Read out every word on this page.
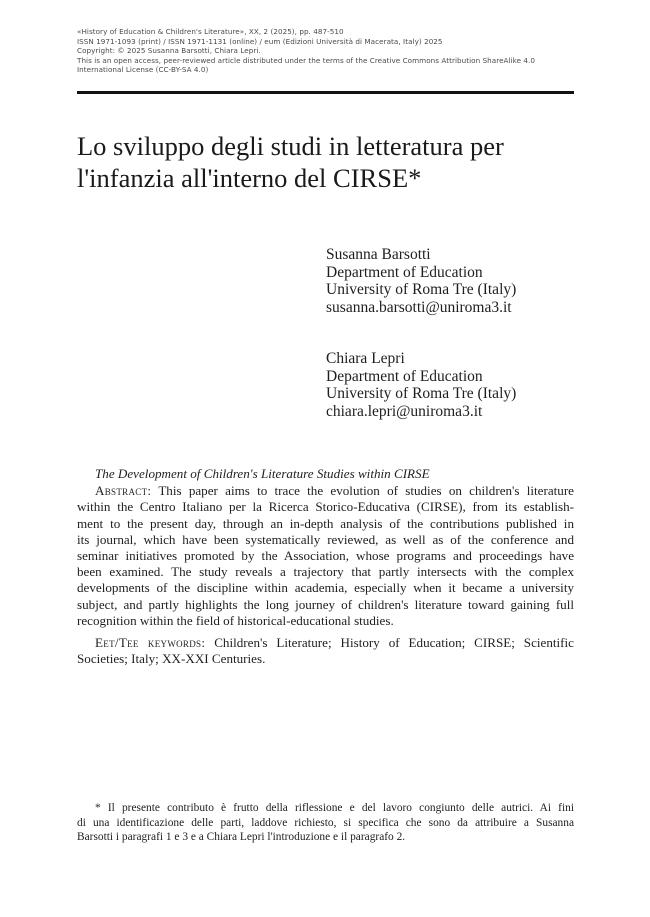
«History of Education & Children's Literature», XX, 2 (2025), pp. 487-510
ISSN 1971-1093 (print) / ISSN 1971-1131 (online) / eum (Edizioni Università di Macerata, Italy) 2025
Copyright: © 2025 Susanna Barsotti, Chiara Lepri.
This is an open access, peer-reviewed article distributed under the terms of the Creative Commons Attribution ShareAlike 4.0
International License (CC-BY-SA 4.0)
Lo sviluppo degli studi in letteratura per
l'infanzia all'interno del CIRSE*
Susanna Barsotti
Department of Education
University of Roma Tre (Italy)
susanna.barsotti@uniroma3.it
Chiara Lepri
Department of Education
University of Roma Tre (Italy)
chiara.lepri@uniroma3.it
The Development of Children's Literature Studies within CIRSE
Abstract: This paper aims to trace the evolution of studies on children's literature
within the Centro Italiano per la Ricerca Storico-Educativa (CIRSE), from its establish-
ment to the present day, through an in-depth analysis of the contributions published in
its journal, which have been systematically reviewed, as well as of the conference and
seminar initiatives promoted by the Association, whose programs and proceedings have
been examined. The study reveals a trajectory that partly intersects with the complex
developments of the discipline within academia, especially when it became a university
subject, and partly highlights the long journey of children's literature toward gaining full
recognition within the field of historical-educational studies.
Eet/Tee keywords: Children's Literature; History of Education; CIRSE; Scientific
Societies; Italy; XX-XXI Centuries.
* Il presente contributo è frutto della riflessione e del lavoro congiunto delle autrici. Ai fini
di una identificazione delle parti, laddove richiesto, si specifica che sono da attribuire a Susanna
Barsotti i paragrafi 1 e 3 e a Chiara Lepri l'introduzione e il paragrafo 2.
